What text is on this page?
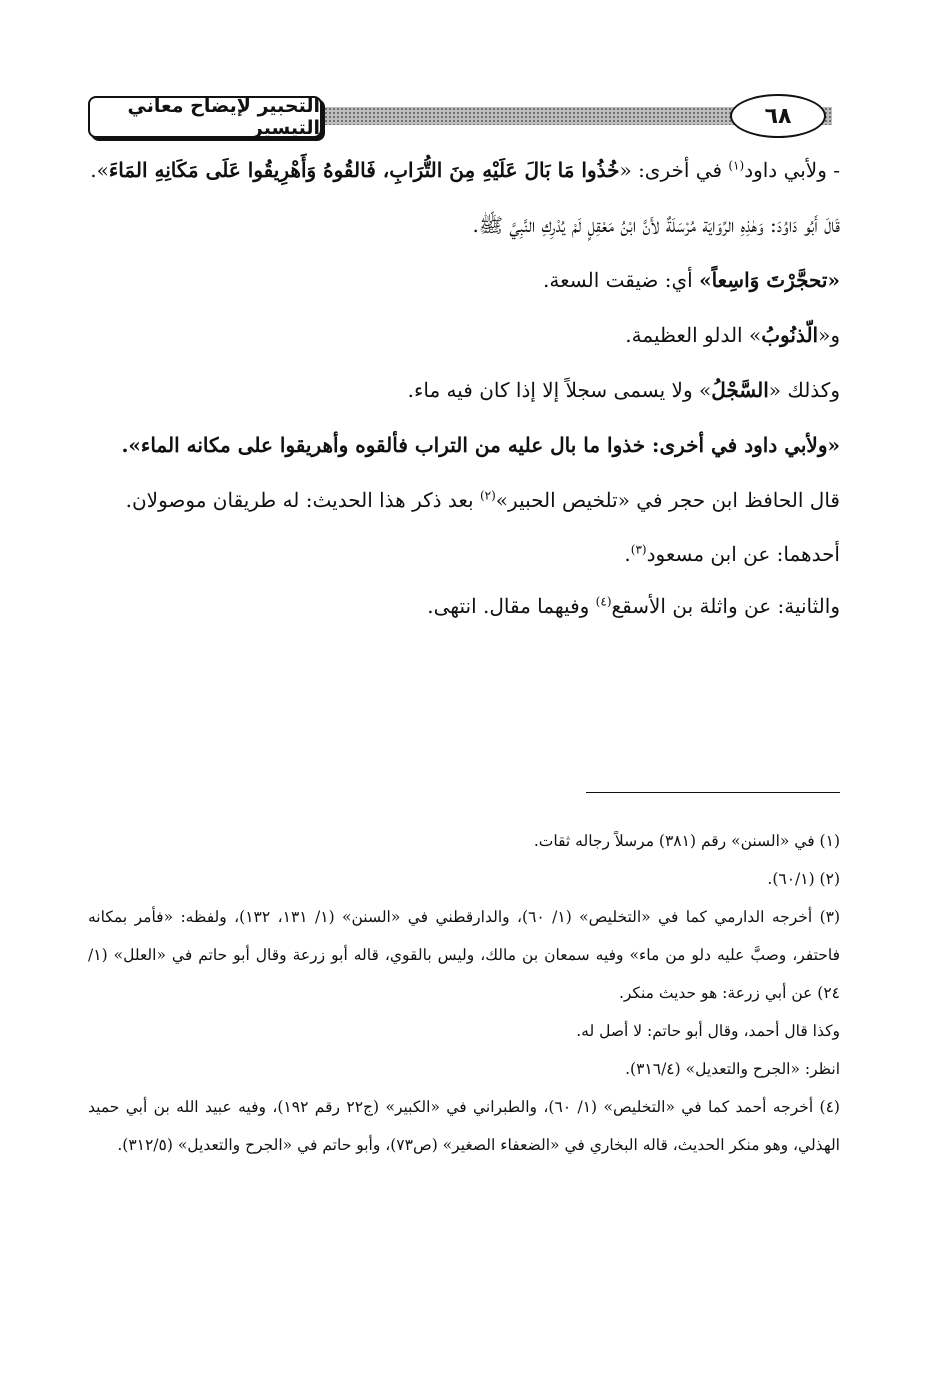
التحبير لإيضاح معاني التيسير	٦٨

- ولأبي داود$^{(١)}$ في أخرى: «خُذُوا مَا بَالَ عَلَيْهِ مِنَ التُّرَابِ، فَالقُوهُ وَأَهْرِيقُوا عَلَى مَكَانِهِ المَاءَ».

قَالَ أَبُو دَاوُدَ: وَهٰذِهِ الرِّوَايَة مُرْسَلَةٌ لأَنَّ ابْنُ مَعْقِلٍ لَمْ يُدْرِكِ النَّبِيَّ ﷺ.

«تحجَّرْتَ وَاسِعاً» أي: ضيقت السعة.

و«الّذنُوبُ» الدلو العظيمة.

وكذلك «السَّجْلُ» ولا يسمى سجلاً إلا إذا كان فيه ماء.

«ولأبي داود في أخرى: خذوا ما بال عليه من التراب فألقوه وأهريقوا على مكانه الماء».

قال الحافظ ابن حجر في «تلخيص الحبير»$^{(٢)}$ بعد ذكر هذا الحديث: له طريقان موصولان.

أحدهما: عن ابن مسعود$^{(٣)}$.

والثانية: عن واثلة بن الأسقع$^{(٤)}$ وفيهما مقال. انتهى.

(١) في «السنن» رقم (٣٨١) مرسلاً رجاله ثقات.

(٢) (٦٠/١).

(٣) أخرجه الدارمي كما في «التخليص» (١/ ٦٠)، والدارقطني في «السنن» (١/ ١٣١، ١٣٢)، ولفظه: «فأمر بمكانه فاحتفر، وصبَّ عليه دلو من ماء» وفيه سمعان بن مالك، وليس بالقوي، قاله أبو زرعة وقال أبو حاتم في «العلل» (١/ ٢٤) عن أبي زرعة: هو حديث منكر.

وكذا قال أحمد، وقال أبو حاتم: لا أصل له.

انظر: «الجرح والتعديل» (٣١٦/٤).

(٤) أخرجه أحمد كما في «التخليص» (١/ ٦٠)، والطبراني في «الكبير» (ج٢٢ رقم ١٩٢)، وفيه عبيد الله بن أبي حميد الهذلي، وهو منكر الحديث، قاله البخاري في «الضعفاء الصغير» (ص٧٣)، وأبو حاتم في «الجرح والتعديل» (٣١٢/٥).
